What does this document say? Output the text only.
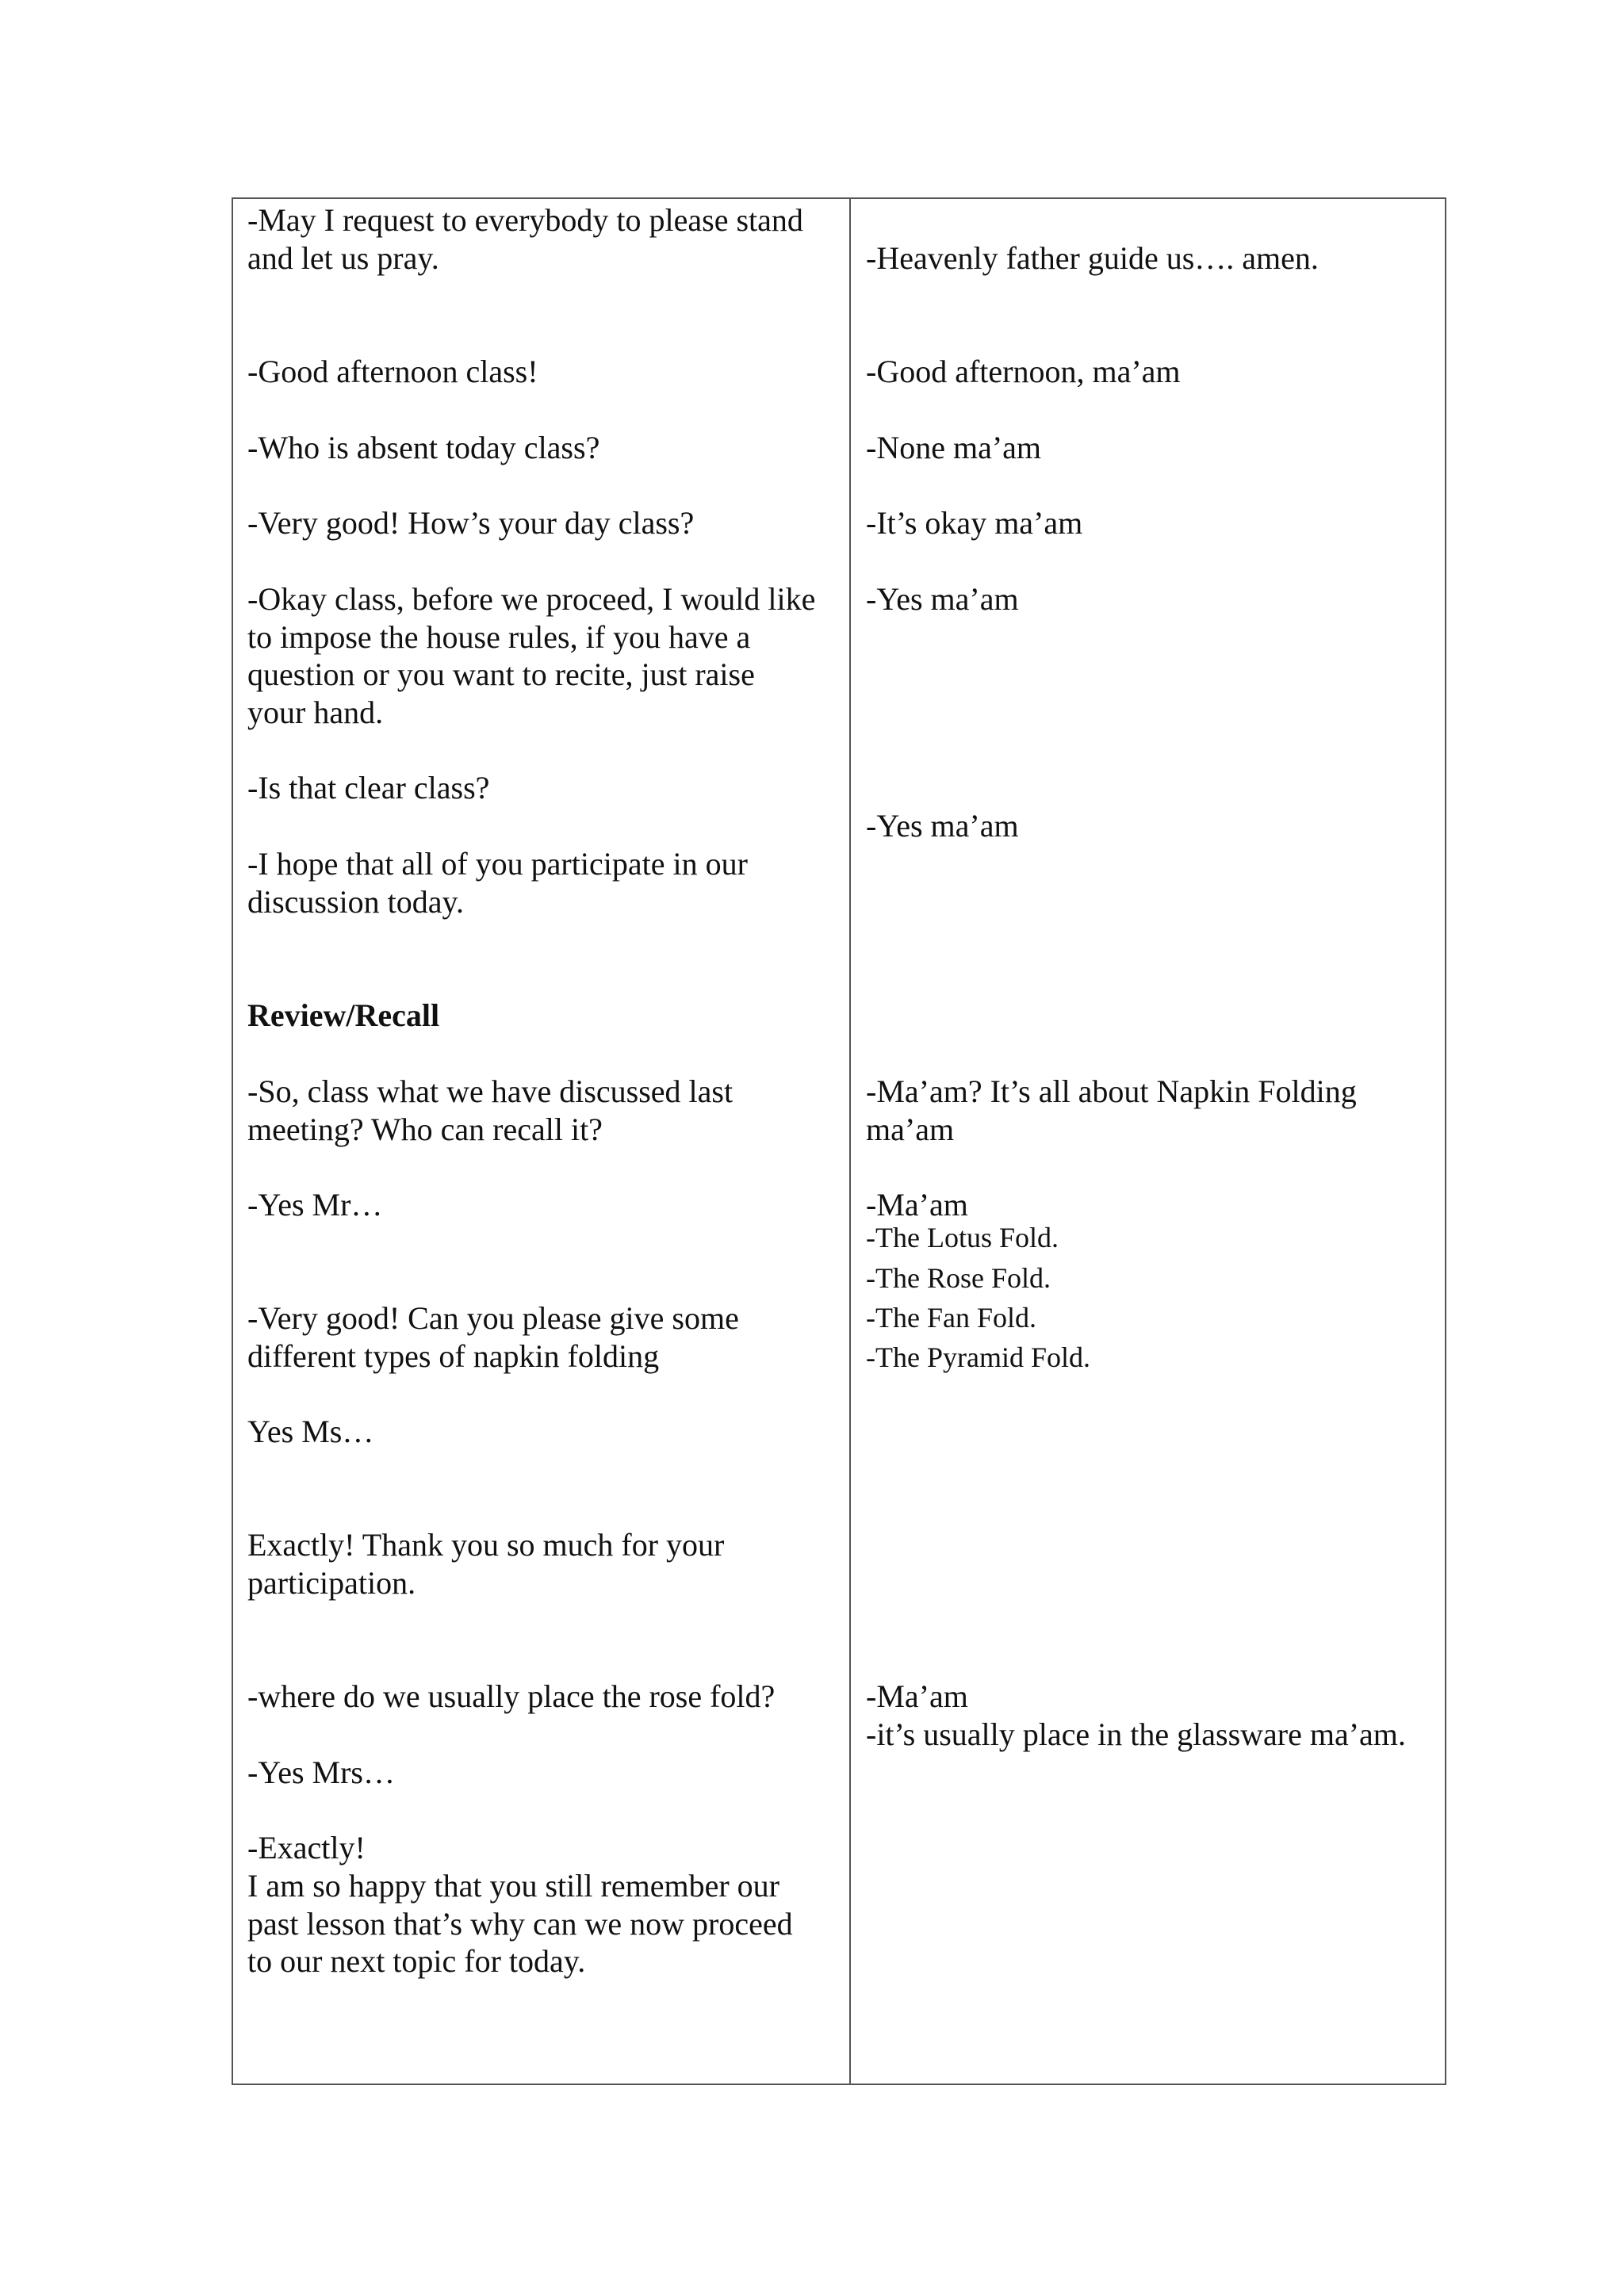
-May I request to everybody to please stand
and let us pray.
-Good afternoon class!
-Who is absent today class?
-Very good! How’s your day class?
-Okay class, before we proceed, I would like
to impose the house rules, if you have a
question or you want to recite, just raise
your hand.
-Is that clear class?
-I hope that all of you participate in our
discussion today.
Review/Recall
-So, class what we have discussed last
meeting? Who can recall it?
-Yes Mr…
-Very good! Can you please give some
different types of napkin folding
Yes Ms…
Exactly! Thank you so much for your
participation.
-where do we usually place the rose fold?
-Yes Mrs…
-Exactly!
I am so happy that you still remember our
past lesson that’s why can we now proceed
to our next topic for today.
-Heavenly father guide us…. amen.
-Good afternoon, ma’am
-None ma’am
-It’s okay ma’am
-Yes ma’am
-Yes ma’am
-Ma’am? It’s all about Napkin Folding
ma’am
-Ma’am
-The Lotus Fold.
-The Rose Fold.
-The Fan Fold.
-The Pyramid Fold.
-Ma’am
-it’s usually place in the glassware ma’am.
